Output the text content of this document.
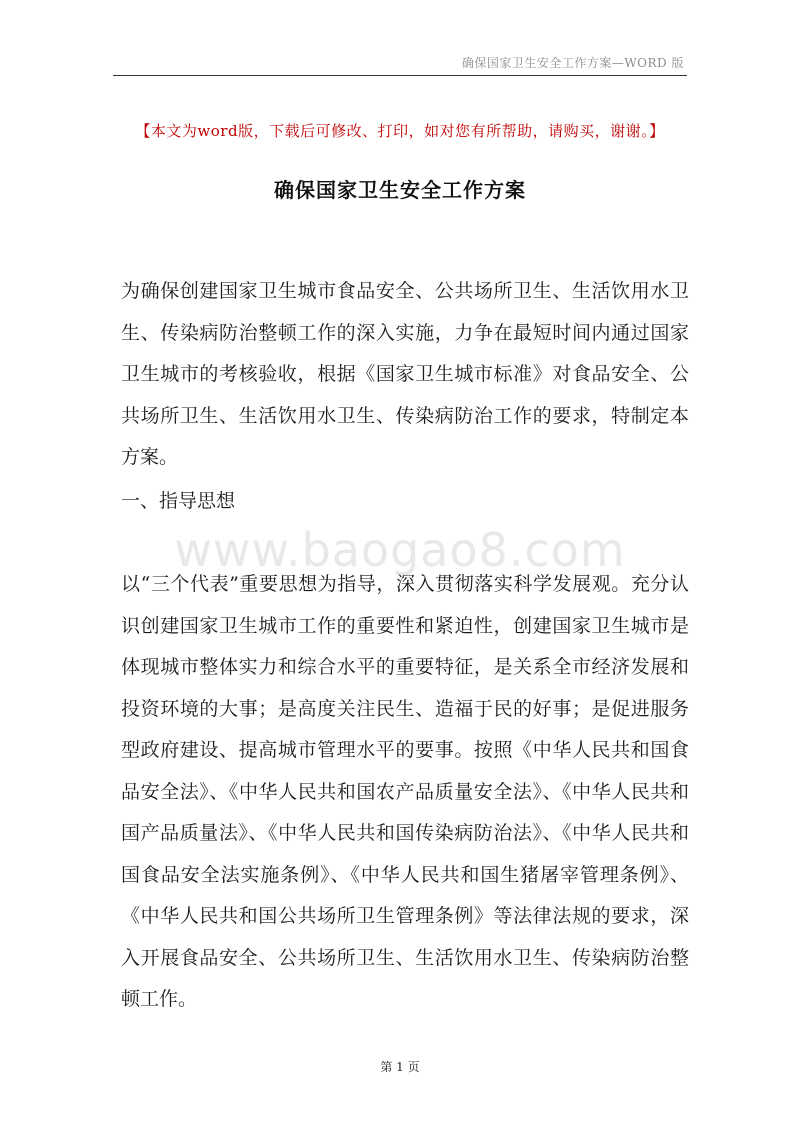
确保国家卫生安全工作方案—WORD 版
【本文为word版，下载后可修改、打印，如对您有所帮助，请购买，谢谢。】
确保国家卫生安全工作方案

为确保创建国家卫生城市食品安全、公共场所卫生、生活饮用水卫生、传染病防治整顿工作的深入实施，力争在最短时间内通过国家卫生城市的考核验收，根据《国家卫生城市标准》对食品安全、公共场所卫生、生活饮用水卫生、传染病防治工作的要求，特制定本方案。

一、指导思想
www.baogao8.com

以“三个代表”重要思想为指导，深入贯彻落实科学发展观。充分认识创建国家卫生城市工作的重要性和紧迫性，创建国家卫生城市是体现城市整体实力和综合水平的重要特征，是关系全市经济发展和投资环境的大事；是高度关注民生、造福于民的好事；是促进服务型政府建设、提高城市管理水平的要事。按照《中华人民共和国食品安全法》、《中华人民共和国农产品质量安全法》、《中华人民共和国产品质量法》、《中华人民共和国传染病防治法》、《中华人民共和国食品安全法实施条例》、《中华人民共和国生猪屠宰管理条例》、《中华人民共和国公共场所卫生管理条例》等法律法规的要求，深入开展食品安全、公共场所卫生、生活饮用水卫生、传染病防治整顿工作。

第 1 页
